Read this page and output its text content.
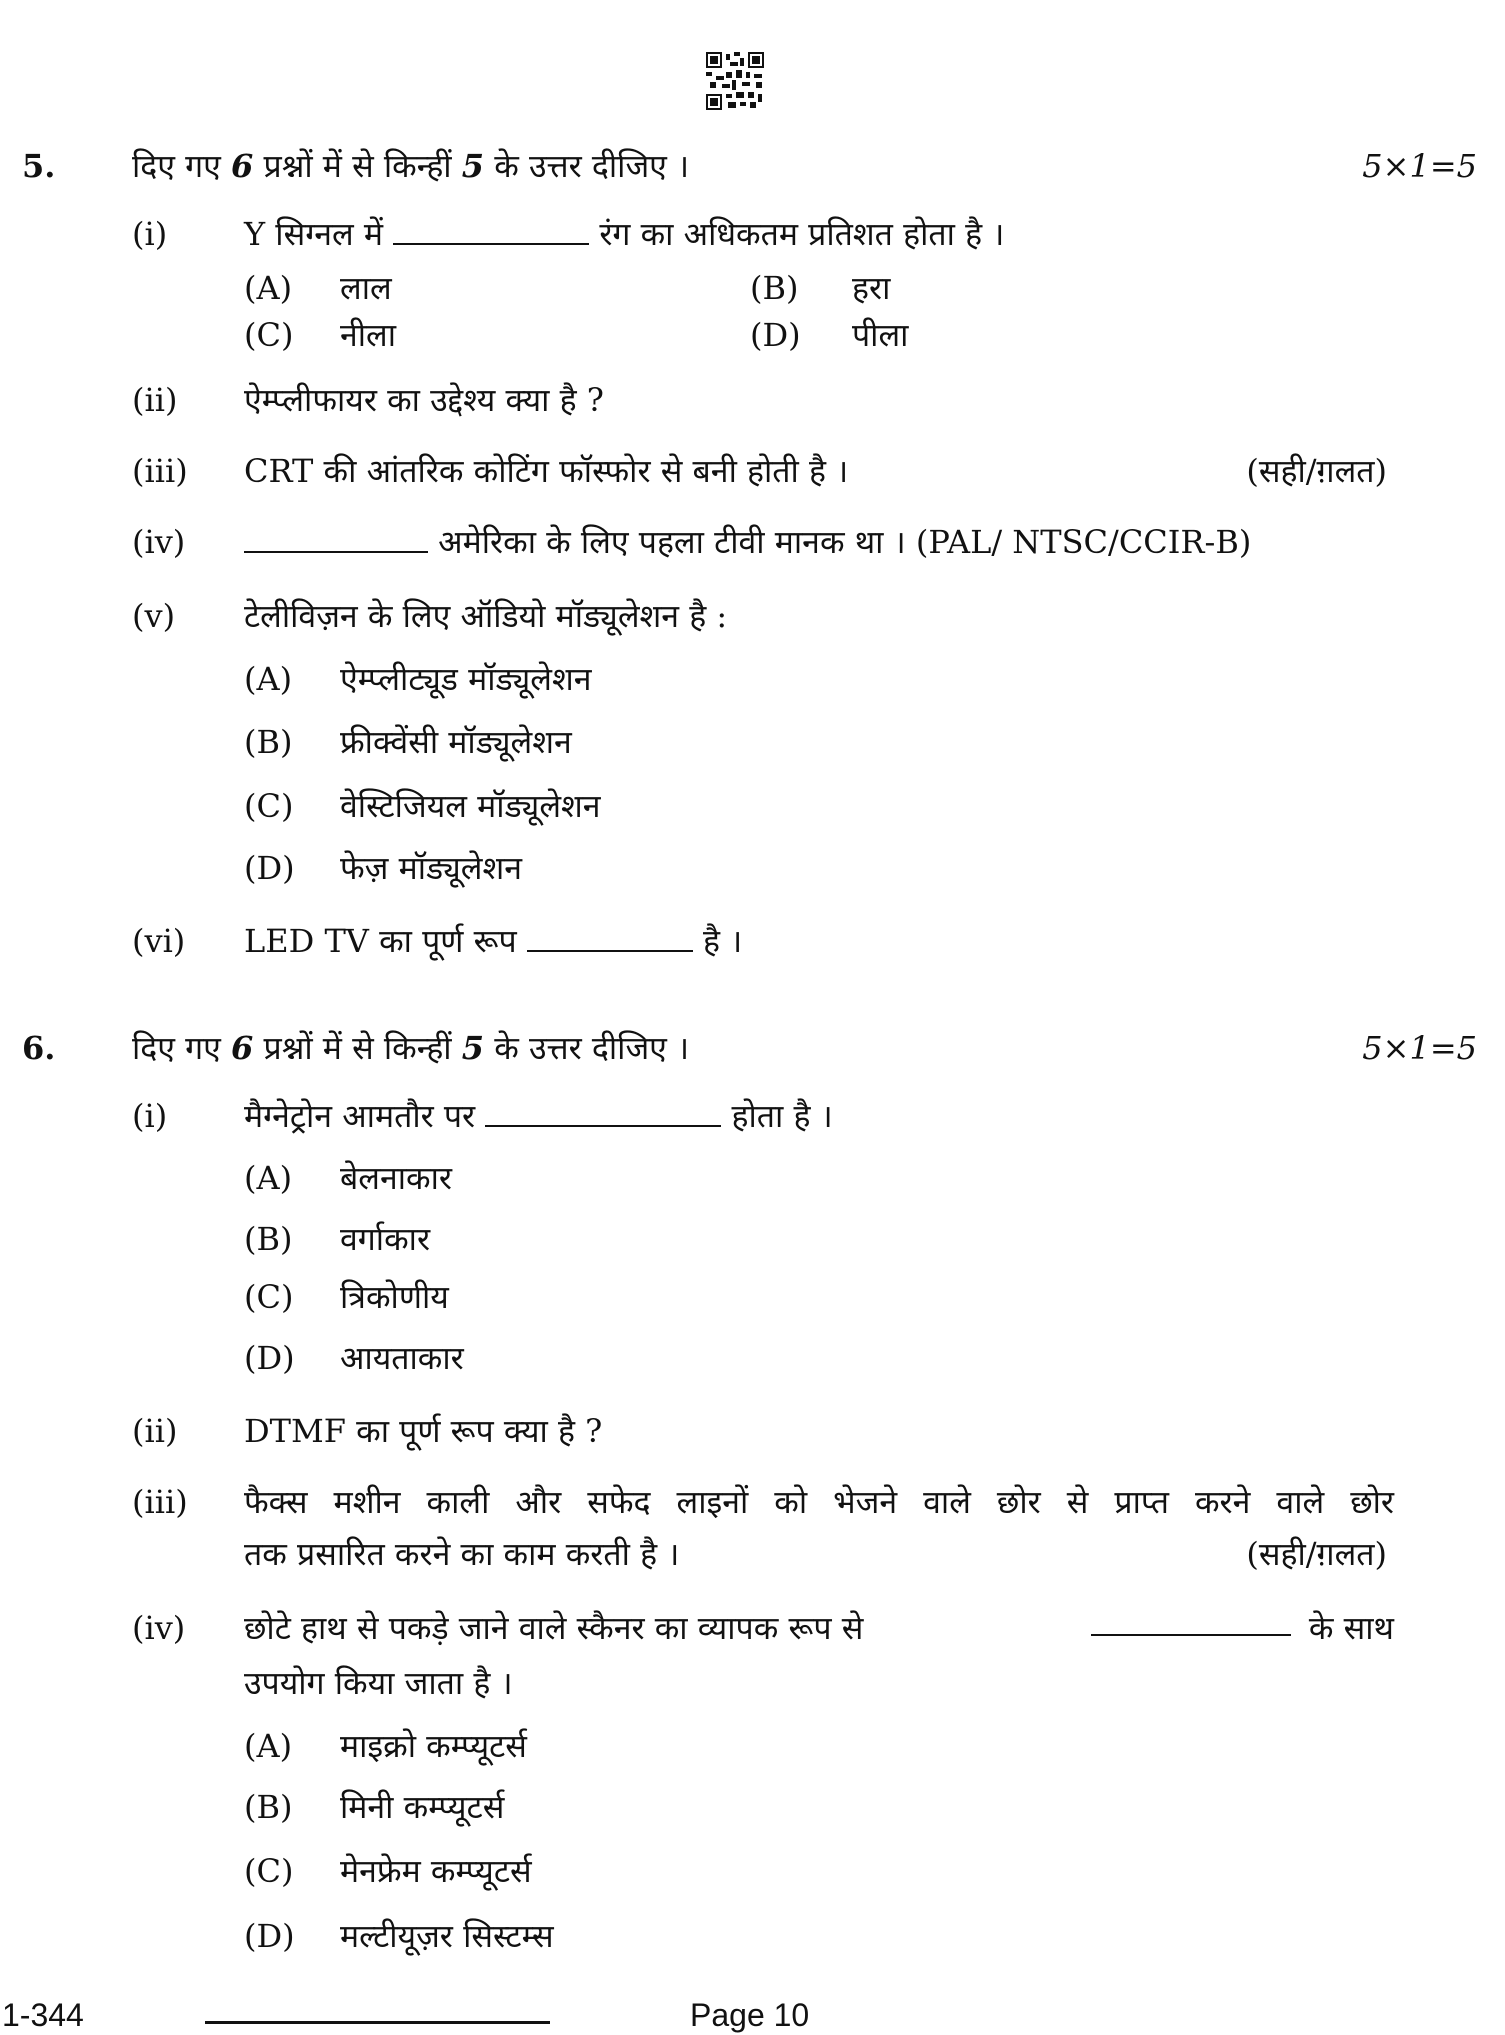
5. दिए गए 6 प्रश्नों में से किन्हीं 5 के उत्तर दीजिए ।	5×1=5
(i) Y सिग्नल में	रंग का अधिकतम प्रतिशत होता है ।
(A) लाल	(B) हरा
(C) नीला	(D) पीला
(ii) ऐम्प्लीफायर का उद्देश्य क्या है ?
(iii) CRT की आंतरिक कोटिंग फॉस्फोर से बनी होती है ।	(सही/ग़लत)
(iv)	अमेरिका के लिए पहला टीवी मानक था । (PAL/ NTSC/CCIR-B)
(v) टेलीविज़न के लिए ऑडियो मॉड्यूलेशन है :
(A) ऐम्प्लीट्यूड मॉड्यूलेशन
(B) फ्रीक्वेंसी मॉड्यूलेशन
(C) वेस्टिजियल मॉड्यूलेशन
(D) फेज़ मॉड्यूलेशन
(vi) LED TV का पूर्ण रूप	है ।
6. दिए गए 6 प्रश्नों में से किन्हीं 5 के उत्तर दीजिए ।	5×1=5
(i) मैग्नेट्रोन आमतौर पर	होता है ।
(A) बेलनाकार
(B) वर्गाकार
(C) त्रिकोणीय
(D) आयताकार
(ii) DTMF का पूर्ण रूप क्या है ?
(iii) फैक्स मशीन काली और सफेद लाइनों को भेजने वाले छोर से प्राप्त करने वाले छोर
तक प्रसारित करने का काम करती है ।	(सही/ग़लत)
(iv) छोटे हाथ से पकड़े जाने वाले स्कैनर का व्यापक रूप से	के साथ
उपयोग किया जाता है ।
(A) माइक्रो कम्प्यूटर्स
(B) मिनी कम्प्यूटर्स
(C) मेनफ्रेम कम्प्यूटर्स
(D) मल्टीयूज़र सिस्टम्स
1-344	Page 10
